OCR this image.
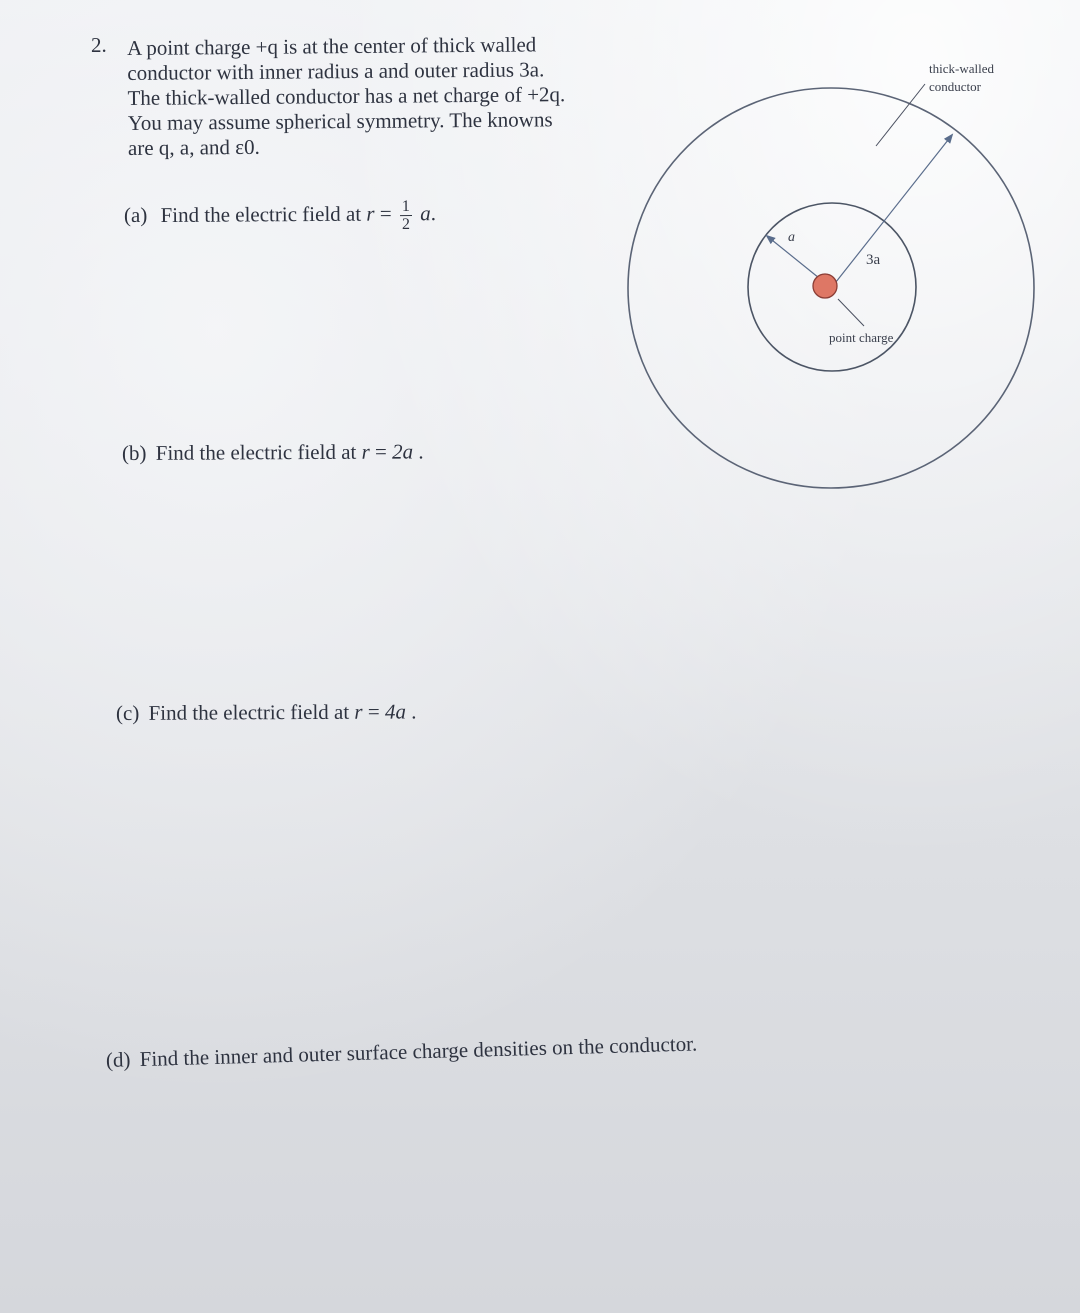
2. A point charge +q is at the center of thick walled

conductor with inner radius a and outer radius 3a.

The thick-walled conductor has a net charge of +2q.

You may assume spherical symmetry. The knowns

are q, a, and ε0.

(a) Find the electric field at $r = \frac{1}{2} a$.
(b) Find the electric field at r = 2a .
(c) Find the electric field at r = 4a .
(d) Find the inner and outer surface charge densities on the conductor.
thick-walled
conductor
a
3a
point charge
